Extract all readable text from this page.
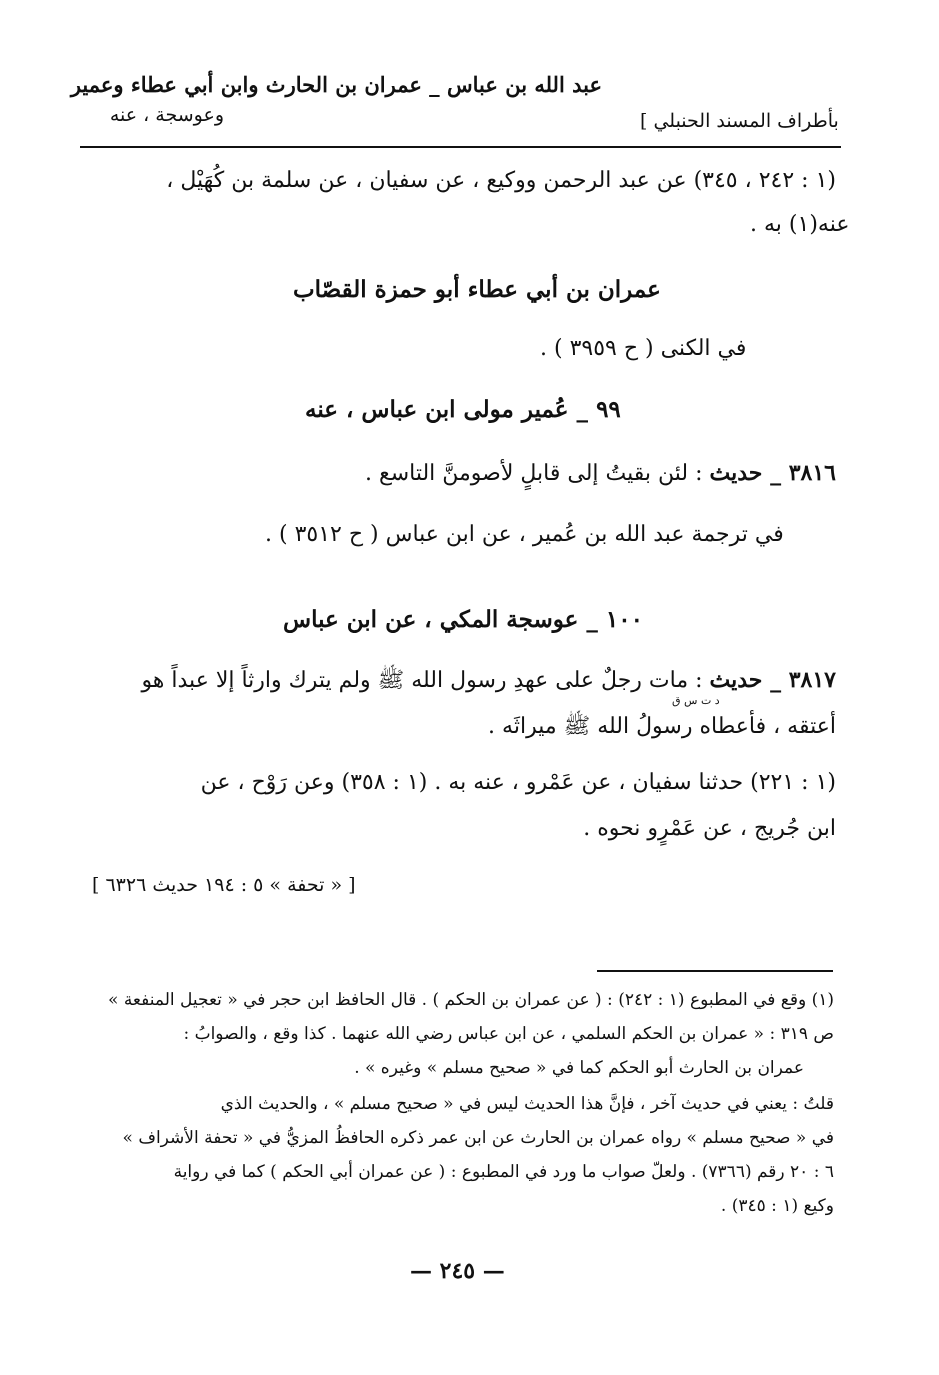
عبد الله بن عباس _ عمران بن الحارث وابن أبي عطاء وعمير
وعوسجة ، عنه	بأطراف المسند الحنبلي ]
(١ : ٢٤٢ ، ٣٤٥) عن عبد الرحمن ووكيع ، عن سفيان ، عن سلمة بن كُهَيْل ،
عنه(١) به .
عمران بن أبي عطاء أبو حمزة القصّاب
في الكنى ( ح ٣٩٥٩ ) .
٩٩ _ عُمير مولى ابن عباس ، عنه
٣٨١٦ _ حديث : لئن بقيتُ إلى قابلٍ لأصومنَّ التاسع .
في ترجمة عبد الله بن عُمير ، عن ابن عباس ( ح ٣٥١٢ ) .
١٠٠ _ عوسجة المكي ، عن ابن عباس
٣٨١٧ _ حديث : مات رجلٌ على عهدِ رسول الله ﷺ ولم يترك وارثاً إلا عبداً هو
د ت س ق
أعتقه ، فأعطاه رسولُ الله ﷺ ميراثَه .
(١ : ٢٢١) حدثنا سفيان ، عن عَمْرو ، عنه به . (١ : ٣٥٨) وعن رَوْح ، عن
ابن جُريج ، عن عَمْرٍو نحوه .
[ « تحفة » ٥ : ١٩٤ حديث ٦٣٢٦ ]
(١) وقع في المطبوع (١ : ٢٤٢) : ( عن عمران بن الحكم ) . قال الحافظ ابن حجر في « تعجيل المنفعة »
ص ٣١٩ : « عمران بن الحكم السلمي ، عن ابن عباس رضي الله عنهما . كذا وقع ، والصوابُ :
عمران بن الحارث أبو الحكم كما في « صحيح مسلم » وغيره » .
قلتُ : يعني في حديث آخر ، فإنَّ هذا الحديث ليس في « صحيح مسلم » ، والحديث الذي
في « صحيح مسلم » رواه عمران بن الحارث عن ابن عمر ذكره الحافظُ المزيُّ في « تحفة الأشراف »
٦ : ٢٠ رقم (٧٣٦٦) . ولعلّ صواب ما ورد في المطبوع : ( عن عمران أبي الحكم ) كما في رواية
وكيع (١ : ٣٤٥) .
— ٢٤٥ —
